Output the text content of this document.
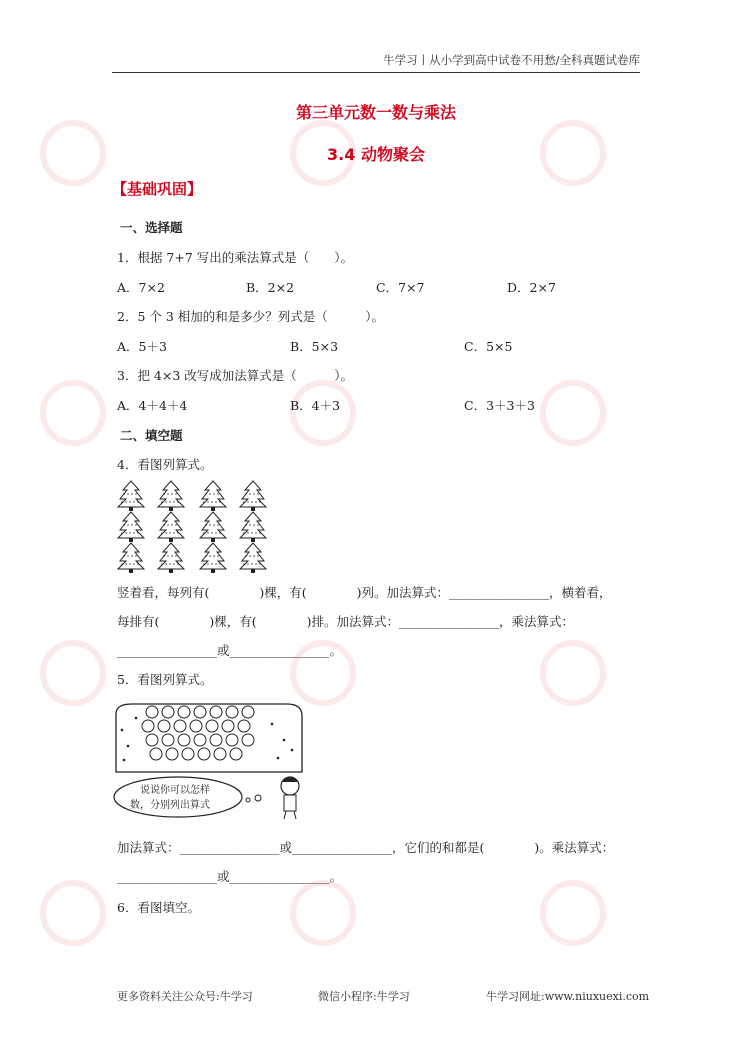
牛学习丨从小学到高中试卷不用愁/全科真题试卷库
第三单元数一数与乘法
3.4 动物聚会
【基础巩固】
一、选择题
1．根据 7+7 写出的乘法算式是（　　）。
A．7×2	B．2×2	C．7×7	D．2×7
2．5 个 3 相加的和是多少？列式是（　　　）。
A．5＋3	B．5×3	C．5×5
3．把 4×3 改写成加法算式是（　　　）。
A．4＋4＋4	B．4＋3	C．3＋3＋3
二、填空题
4．看图列算式。
竖着看，每列有(　　　　)棵，有(　　　　)列。加法算式：________________，横着看，
每排有(　　　　)棵，有(　　　　)排。加法算式：________________，乘法算式：
________________或________________。
5．看图列算式。
说说你可以怎样
数，分别列出算式
加法算式：________________或________________，它们的和都是(　　　　)。乘法算式：
________________或________________。
6．看图填空。
更多资料关注公众号:牛学习	微信小程序:牛学习	牛学习网址:www.niuxuexi.com
